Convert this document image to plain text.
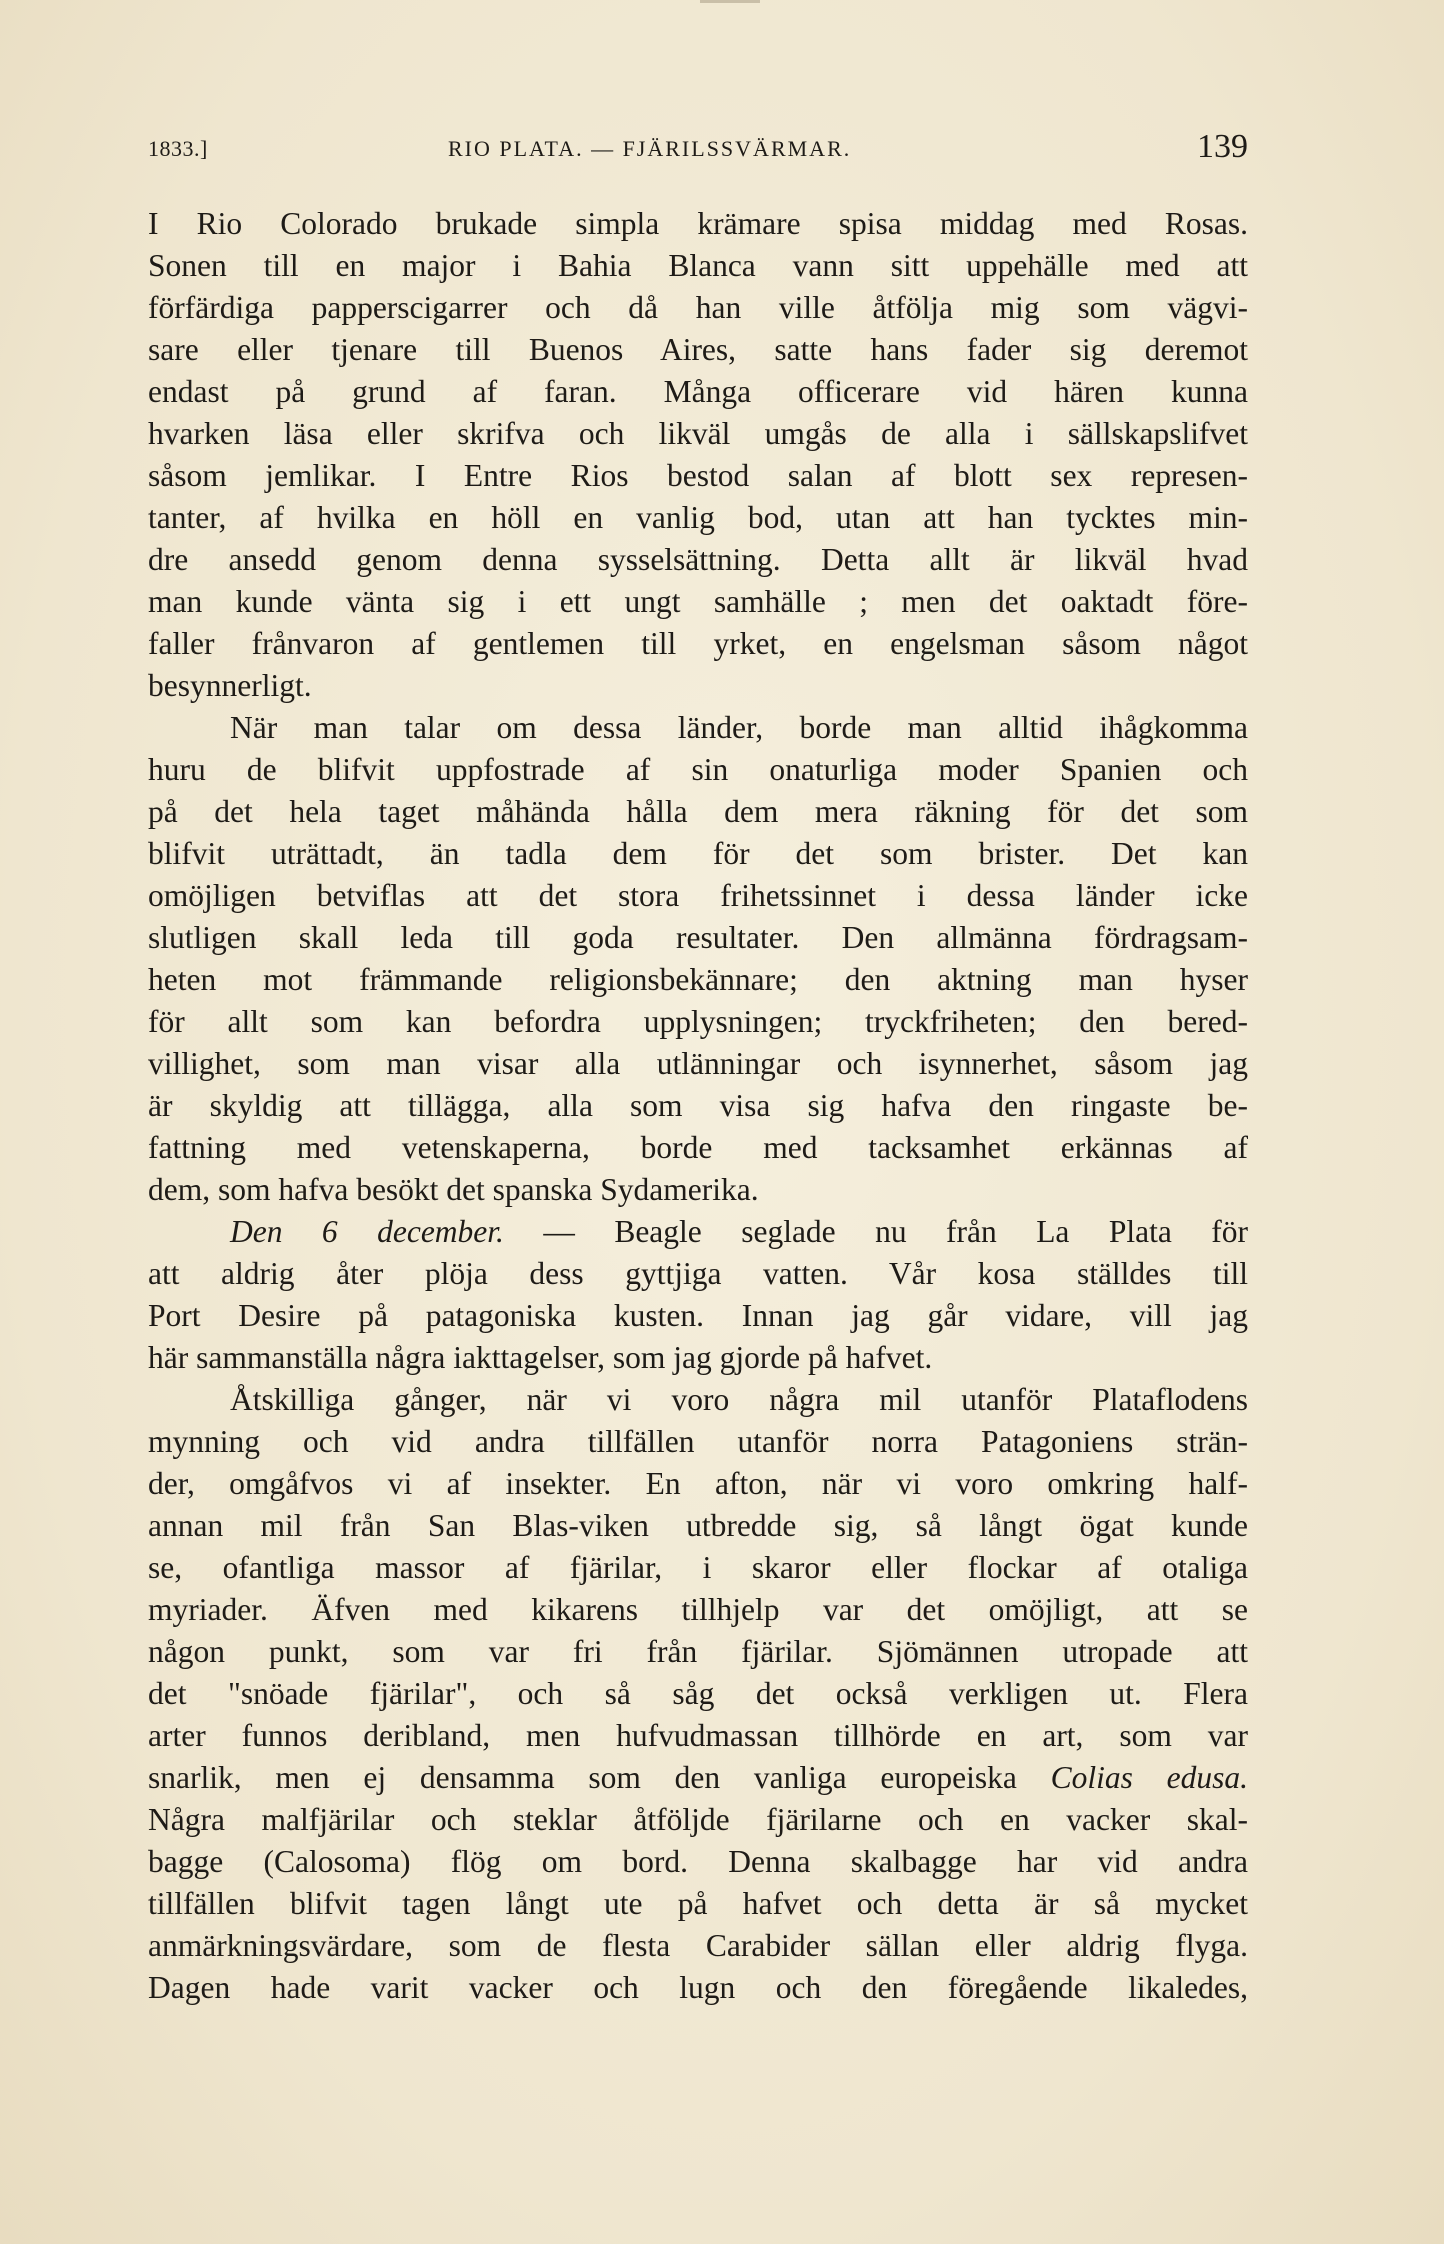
1833.]	RIO PLATA. — FJÄRILSSVÄRMAR.	139
I Rio Colorado brukade simpla krämare spisa middag med Rosas.
Sonen till en major i Bahia Blanca vann sitt uppehälle med att
förfärdiga papperscigarrer och då han ville åtfölja mig som vägvi-
sare eller tjenare till Buenos Aires, satte hans fader sig deremot
endast på grund af faran. Många officerare vid hären kunna
hvarken läsa eller skrifva och likväl umgås de alla i sällskapslifvet
såsom jemlikar. I Entre Rios bestod salan af blott sex represen-
tanter, af hvilka en höll en vanlig bod, utan att han tycktes min-
dre ansedd genom denna sysselsättning. Detta allt är likväl hvad
man kunde vänta sig i ett ungt samhälle ; men det oaktadt före-
faller frånvaron af gentlemen till yrket, en engelsman såsom något
besynnerligt.
När man talar om dessa länder, borde man alltid ihågkomma
huru de blifvit uppfostrade af sin onaturliga moder Spanien och
på det hela taget måhända hålla dem mera räkning för det som
blifvit uträttadt, än tadla dem för det som brister. Det kan
omöjligen betviflas att det stora frihetssinnet i dessa länder icke
slutligen skall leda till goda resultater. Den allmänna fördragsam-
heten mot främmande religionsbekännare; den aktning man hyser
för allt som kan befordra upplysningen; tryckfriheten; den bered-
villighet, som man visar alla utlänningar och isynnerhet, såsom jag
är skyldig att tillägga, alla som visa sig hafva den ringaste be-
fattning med vetenskaperna, borde med tacksamhet erkännas af
dem, som hafva besökt det spanska Sydamerika.
Den 6 december. — Beagle seglade nu från La Plata för
att aldrig åter plöja dess gyttjiga vatten. Vår kosa ställdes till
Port Desire på patagoniska kusten. Innan jag går vidare, vill jag
här sammanställa några iakttagelser, som jag gjorde på hafvet.
Åtskilliga gånger, när vi voro några mil utanför Plataflodens
mynning och vid andra tillfällen utanför norra Patagoniens strän-
der, omgåfvos vi af insekter. En afton, när vi voro omkring half-
annan mil från San Blas-viken utbredde sig, så långt ögat kunde
se, ofantliga massor af fjärilar, i skaror eller flockar af otaliga
myriader. Äfven med kikarens tillhjelp var det omöjligt, att se
någon punkt, som var fri från fjärilar. Sjömännen utropade att
det "snöade fjärilar", och så såg det också verkligen ut. Flera
arter funnos deribland, men hufvudmassan tillhörde en art, som var
snarlik, men ej densamma som den vanliga europeiska Colias edusa.
Några malfjärilar och steklar åtföljde fjärilarne och en vacker skal-
bagge (Calosoma) flög om bord. Denna skalbagge har vid andra
tillfällen blifvit tagen långt ute på hafvet och detta är så mycket
anmärkningsvärdare, som de flesta Carabider sällan eller aldrig flyga.
Dagen hade varit vacker och lugn och den föregående likaledes,
